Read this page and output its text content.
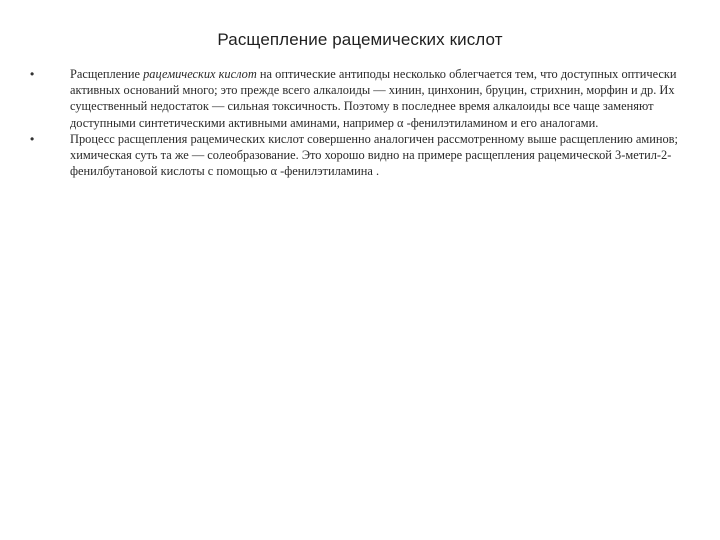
Расщепление рацемических кислот
•	Расщепление рацемических кислот на оптические антиподы несколько облегчается тем, что доступных оптически активных оснований много; это прежде всего алкалоиды — хинин, цинхонин, бруцин, стрихнин, морфин и др. Их существенный недостаток — сильная токсичность. Поэтому в последнее время алкалоиды все чаще заменяют доступными синтетическими активными аминами, например α -фенилэтиламином и его аналогами.
•	Процесс расщепления рацемических кислот совершенно аналогичен рассмотренному выше расщеплению аминов; химическая суть та же — солеобразование. Это хорошо видно на примере расщепления рацемической 3-метил-2-фенилбутановой кислоты с помощью α -фенилэтиламина .
